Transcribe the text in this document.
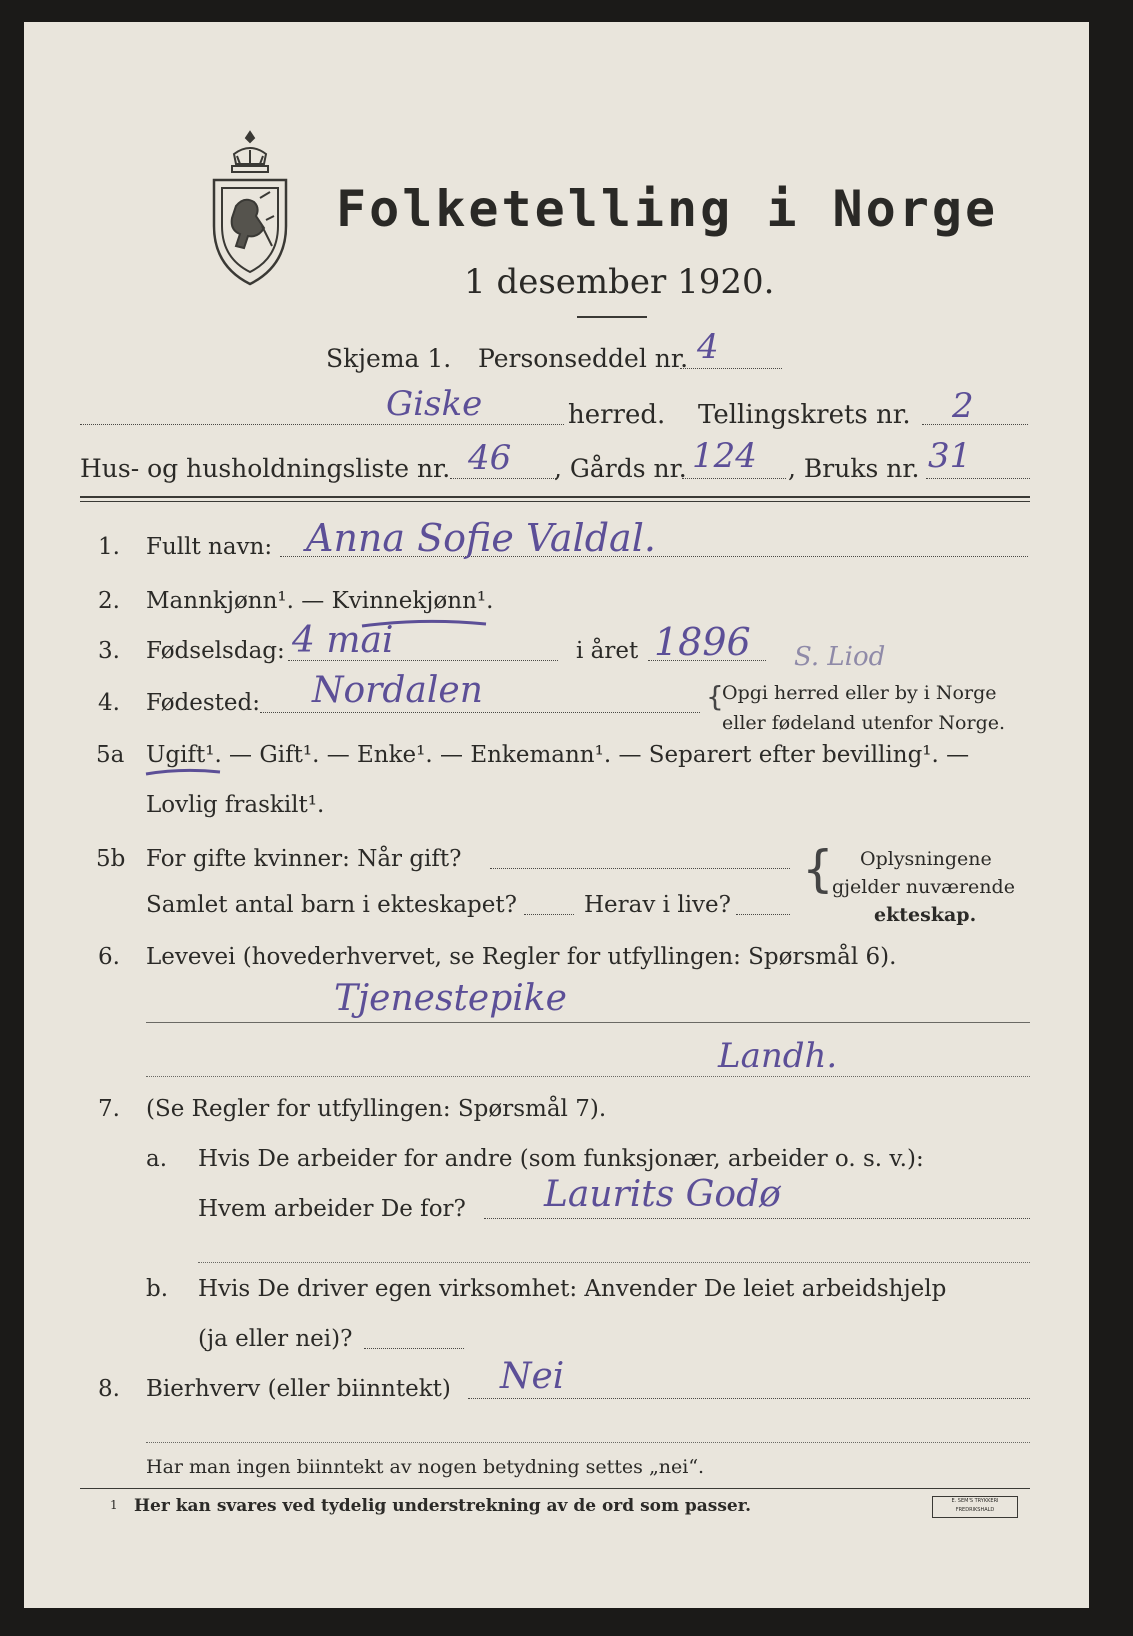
Folketelling i Norge
1 desember 1920.
Skjema 1. Personseddel nr. 4
Giske	herred. Tellingskrets nr. 2
Hus- og husholdningsliste nr. 46 , Gårds nr. 124 , Bruks nr. 31
1. Fullt navn: Anna Sofie Valdal.
2. Mannkjønn¹. — Kvinnekjønn¹.
3. Fødselsdag: 4 mai	i året 1896 S. Liod
4. Fødested: Nordalen	{
Opgi herred eller by i Norge
eller fødeland utenfor Norge.
5a Ugift¹. — Gift¹. — Enke¹. — Enkemann¹. — Separert efter bevilling¹. —
Lovlig fraskilt¹.
5b For gifte kvinner: Når gift?
Samlet antal barn i ekteskapet?	Herav i live?
{ Oplysningene
gjelder nuværende
ekteskap.
6. Levevei (hovederhvervet, se Regler for utfyllingen: Spørsmål 6).
Tjenestepike
Landh.
7. (Se Regler for utfyllingen: Spørsmål 7).
a. Hvis De arbeider for andre (som funksjonær, arbeider o. s. v.):
Hvem arbeider De for? Laurits Godø
b. Hvis De driver egen virksomhet: Anvender De leiet arbeidshjelp
(ja eller nei)?
8. Bierhverv (eller biinntekt) Nei
Har man ingen biinntekt av nogen betydning settes „nei“.
1 Her kan svares ved tydelig understrekning av de ord som passer.	E. SEM'S TRYKKERI FREDRIKSHALD
